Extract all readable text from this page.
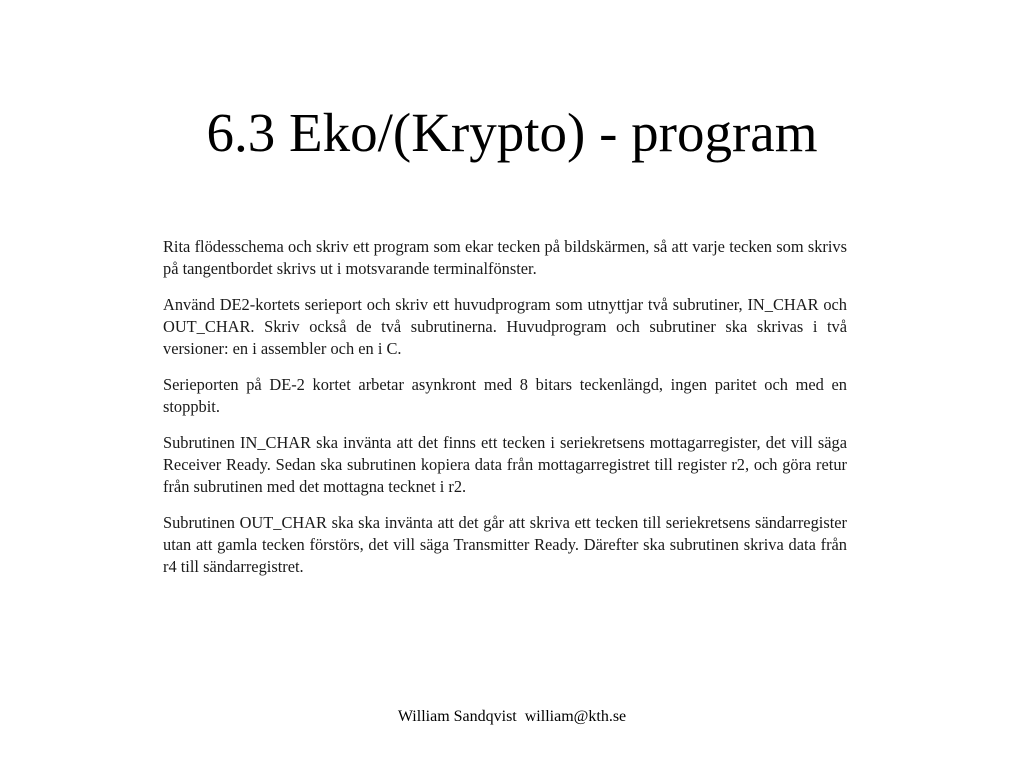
6.3 Eko/(Krypto) - program

Rita flödesschema och skriv ett program som ekar tecken på bildskärmen, så att varje tecken som skrivs på tangentbordet skrivs ut i motsvarande terminalfönster.

Använd DE2-kortets serieport och skriv ett huvudprogram som utnyttjar två subrutiner, IN_CHAR och OUT_CHAR. Skriv också de två subrutinerna. Huvudprogram och subrutiner ska skrivas i två versioner: en i assembler och en i C.

Serieporten på DE-2 kortet arbetar asynkront med 8 bitars teckenlängd, ingen paritet och med en stoppbit.

Subrutinen IN_CHAR ska invänta att det finns ett tecken i seriekretsens mottagarregister, det vill säga Receiver Ready. Sedan ska subrutinen kopiera data från mottagarregistret till register r2, och göra retur från subrutinen med det mottagna tecknet i r2.

Subrutinen OUT_CHAR ska ska invänta att det går att skriva ett tecken till seriekretsens sändarregister utan att gamla tecken förstörs, det vill säga Transmitter Ready. Därefter ska subrutinen skriva data från r4 till sändarregistret.

William Sandqvist  william@kth.se
